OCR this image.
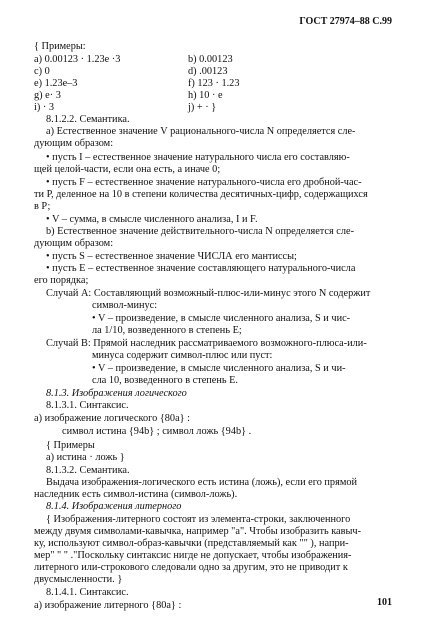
ГОСТ 27974–88 С.99
{ Примеры:
а) 0.00123 · 1.23е ·3	b) 0.00123
с) 0	d) .00123
е) 1.23е–3	f) 123 · 1.23
g) е· 3	h) 10 · е
i) · 3	j) + · }
8.1.2.2. Семантика.
а) Естественное значение V рационального-числа N определяется сле-
дующим образом:
• пусть I – естественное значение натурального числа его составляю-
щей целой-части, если она есть, а иначе 0;
• пусть F – естественное значение натурального-числа его дробной-час-
ти Р, деленное на 10 в степени количества десятичных-цифр, содержащихся
в Р;
• V – сумма, в смысле численного анализа, I и F.
b) Естественное значение действительного-числа N определяется сле-
дующим образом:
• пусть S – естественное значение ЧИСЛА его мантиссы;
• пусть Е – естественное значение составляющего натурального-числа
его порядка;
Случай А: Составляющий возможный-плюс-или-минус этого N содержит
символ-минус:
• V – произведение, в смысле численного анализа, S и чис-
ла 1/10, возведенного в степень Е;
Случай В: Прямой наследник рассматриваемого возможного-плюса-или-
минуса содержит символ-плюс или пуст:
• V – произведение, в смысле численного анализа, S и чи-
сла 10, возведенного в степень Е.
8.1.3. Изображения логического
8.1.3.1. Синтаксис.
а) изображение логического {80а} :
символ истина {94b} ; символ ложь {94b} .
{ Примеры
а) истина · ложь }
8.1.3.2. Семантика.
Выдача изображения-логического есть истина (ложь), если его прямой
наследник есть символ-истина (символ-ложь).
8.1.4. Изображения литерного
{ Изображения-литерного состоят из элемента-строки, заключенного
между двумя символами-кавычка, например "а". Чтобы изобразить кавыч-
ку, используют символ-образ-кавычки (представляемый как "" ), напри-
мер" " " ."Поскольку синтаксис нигде не допускает, чтобы изображения-
литерного или-строкового следовали одно за другим, это не приводит к
двусмысленности. }
8.1.4.1. Синтаксис.
а) изображение литерного {80а} :	101
